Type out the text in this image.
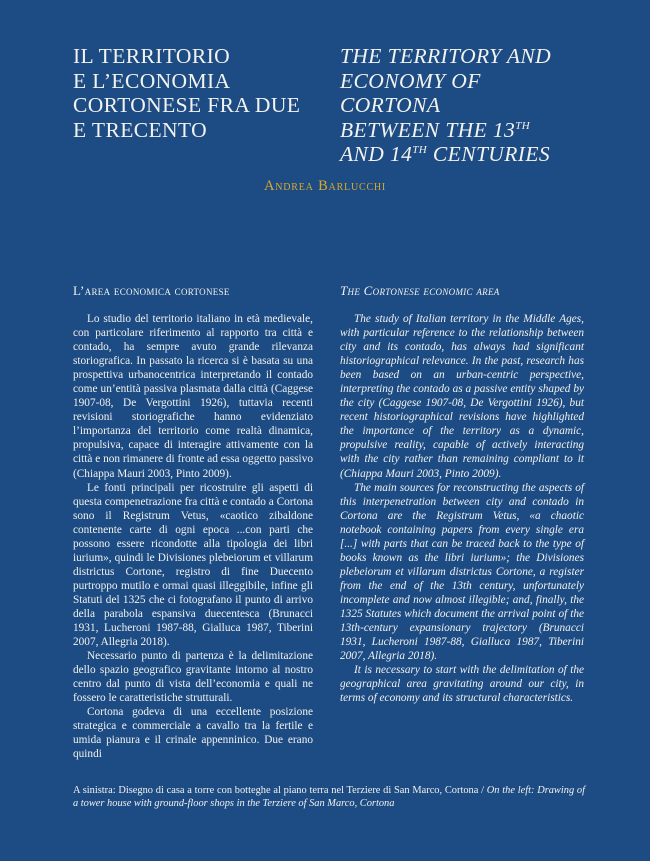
IL TERRITORIO
E L’ECONOMIA
CORTONESE FRA DUE
E TRECENTO
THE TERRITORY AND
ECONOMY OF CORTONA
BETWEEN THE 13TH
AND 14TH CENTURIES
Andrea Barlucchi
L’area economica cortonese	The Cortonese economic area

Lo studio del territorio italiano in età medievale, con particolare riferimento al rapporto tra città e contado, ha sempre avuto grande rilevanza storiografica. In passato la ricerca si è basata su una prospettiva urbanocentrica interpretando il contado come un’entità passiva plasmata dalla città (Caggese 1907-08, De Vergottini 1926), tuttavia recenti revisioni storiografiche hanno evidenziato l’importanza del territorio come realtà dinamica, propulsiva, capace di interagire attivamente con la città e non rimanere di fronte ad essa oggetto passivo (Chiappa Mauri 2003, Pinto 2009).

Le fonti principali per ricostruire gli aspetti di questa compenetrazione fra città e contado a Cortona sono il Registrum Vetus, «caotico zibaldone contenente carte di ogni epoca ...con parti che possono essere ricondotte alla tipologia dei libri iurium», quindi le Divisiones plebeiorum et villarum districtus Cortone, registro di fine Duecento purtroppo mutilo e ormai quasi illeggibile, infine gli Statuti del 1325 che ci fotografano il punto di arrivo della parabola espansiva duecentesca (Brunacci 1931, Lucheroni 1987-88, Gialluca 1987, Tiberini 2007, Allegria 2018).

Necessario punto di partenza è la delimitazione dello spazio geografico gravitante intorno al nostro centro dal punto di vista dell’economia e quali ne fossero le caratteristiche strutturali.

Cortona godeva di una eccellente posizione strategica e commerciale a cavallo tra la fertile e umida pianura e il crinale appenninico. Due erano quindi

The study of Italian territory in the Middle Ages, with particular reference to the relationship between city and its contado, has always had significant historiographical relevance. In the past, research has been based on an urban-centric perspective, interpreting the contado as a passive entity shaped by the city (Caggese 1907-08, De Vergottini 1926), but recent historiographical revisions have highlighted the importance of the territory as a dynamic, propulsive reality, capable of actively interacting with the city rather than remaining compliant to it (Chiappa Mauri 2003, Pinto 2009).

The main sources for reconstructing the aspects of this interpenetration between city and contado in Cortona are the Registrum Vetus, «a chaotic notebook containing papers from every single era [...] with parts that can be traced back to the type of books known as the libri iurium»; the Divisiones plebeiorum et villarum districtus Cortone, a register from the end of the 13th century, unfortunately incomplete and now almost illegible; and, finally, the 1325 Statutes which document the arrival point of the 13th-century expansionary trajectory (Brunacci 1931, Lucheroni 1987-88, Gialluca 1987, Tiberini 2007, Allegria 2018).

It is necessary to start with the delimitation of the geographical area gravitating around our city, in terms of economy and its structural characteristics.

A sinistra: Disegno di casa a torre con botteghe al piano terra nel Terziere di San Marco, Cortona / On the left: Drawing of a tower house with ground-floor shops in the Terziere of San Marco, Cortona
